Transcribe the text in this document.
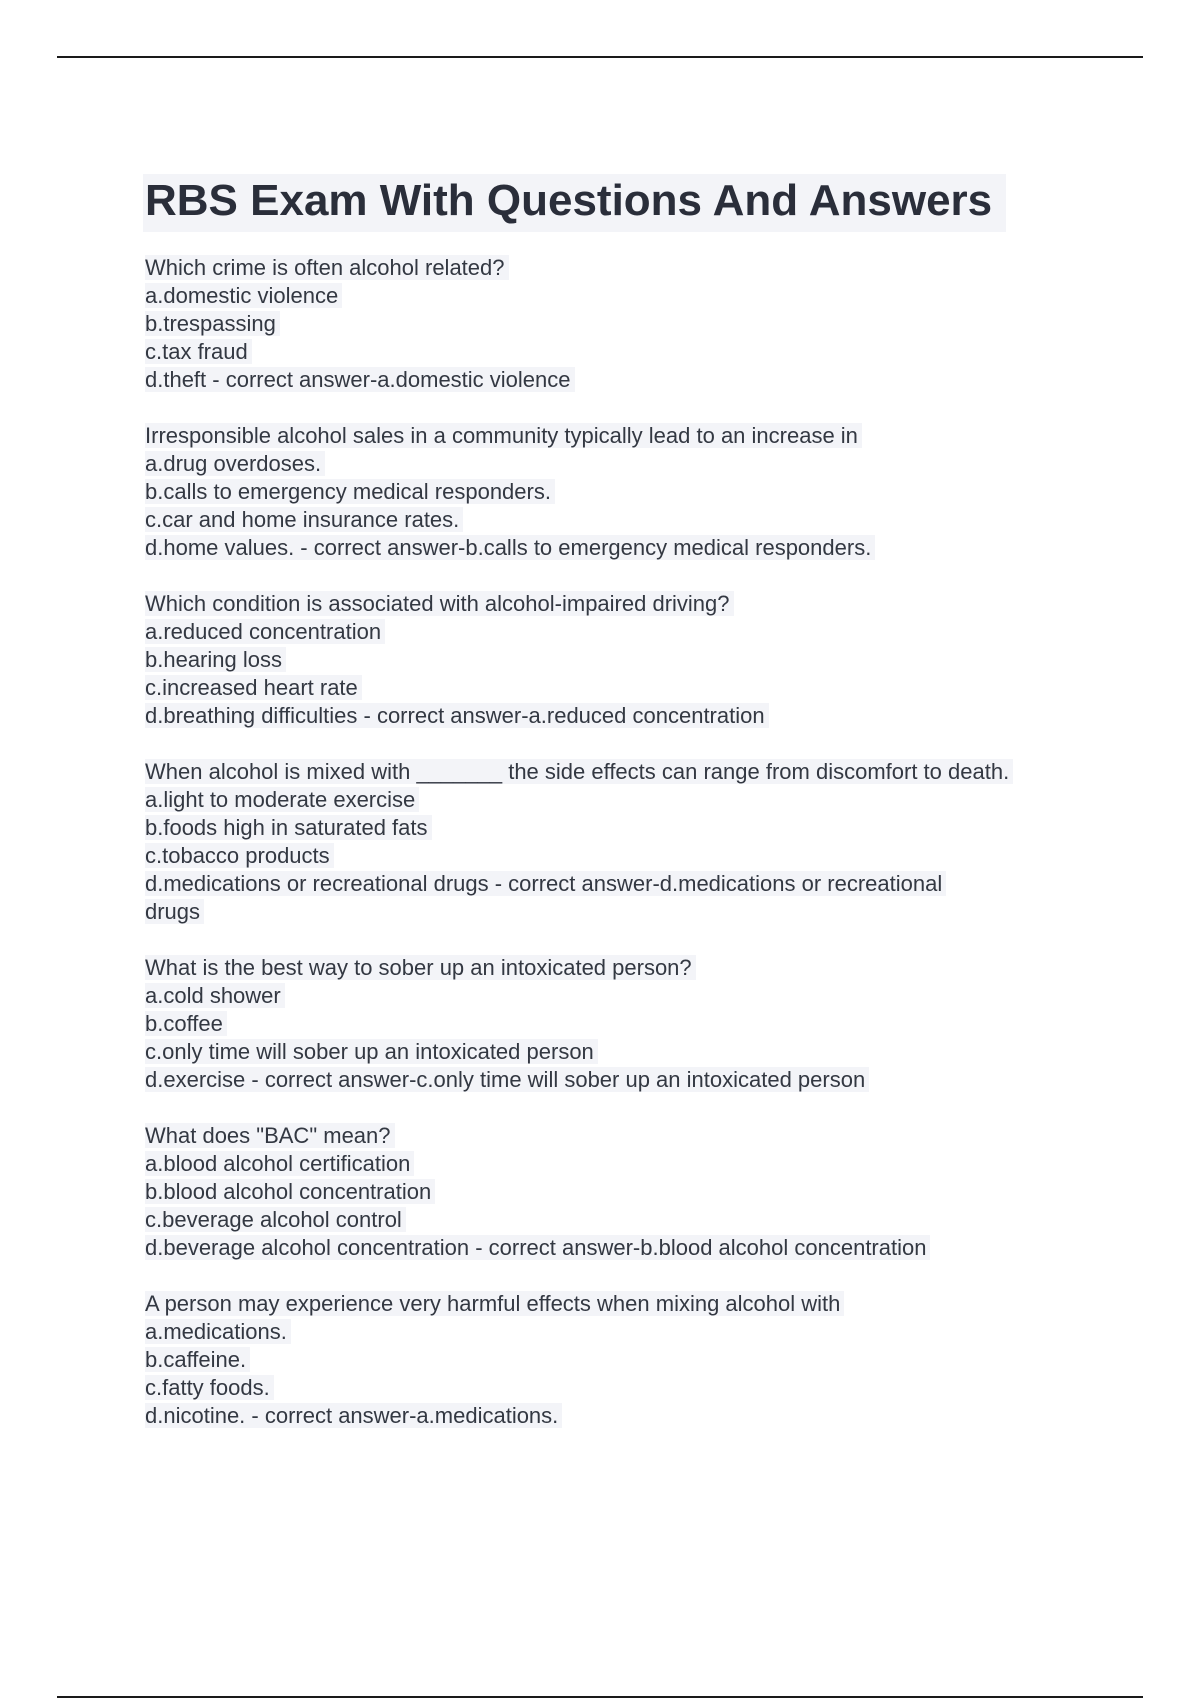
RBS Exam With Questions And Answers

Which crime is often alcohol related?

a.domestic violence

b.trespassing

c.tax fraud

d.theft - correct answer-a.domestic violence

Irresponsible alcohol sales in a community typically lead to an increase in

a.drug overdoses.

b.calls to emergency medical responders.

c.car and home insurance rates.

d.home values. - correct answer-b.calls to emergency medical responders.

Which condition is associated with alcohol-impaired driving?

a.reduced concentration

b.hearing loss

c.increased heart rate

d.breathing difficulties - correct answer-a.reduced concentration

When alcohol is mixed with _______ the side effects can range from discomfort to death.

a.light to moderate exercise

b.foods high in saturated fats

c.tobacco products

d.medications or recreational drugs - correct answer-d.medications or recreational

drugs

What is the best way to sober up an intoxicated person?

a.cold shower

b.coffee

c.only time will sober up an intoxicated person

d.exercise - correct answer-c.only time will sober up an intoxicated person

What does "BAC" mean?

a.blood alcohol certification

b.blood alcohol concentration

c.beverage alcohol control

d.beverage alcohol concentration - correct answer-b.blood alcohol concentration

A person may experience very harmful effects when mixing alcohol with

a.medications.

b.caffeine.

c.fatty foods.

d.nicotine. - correct answer-a.medications.
